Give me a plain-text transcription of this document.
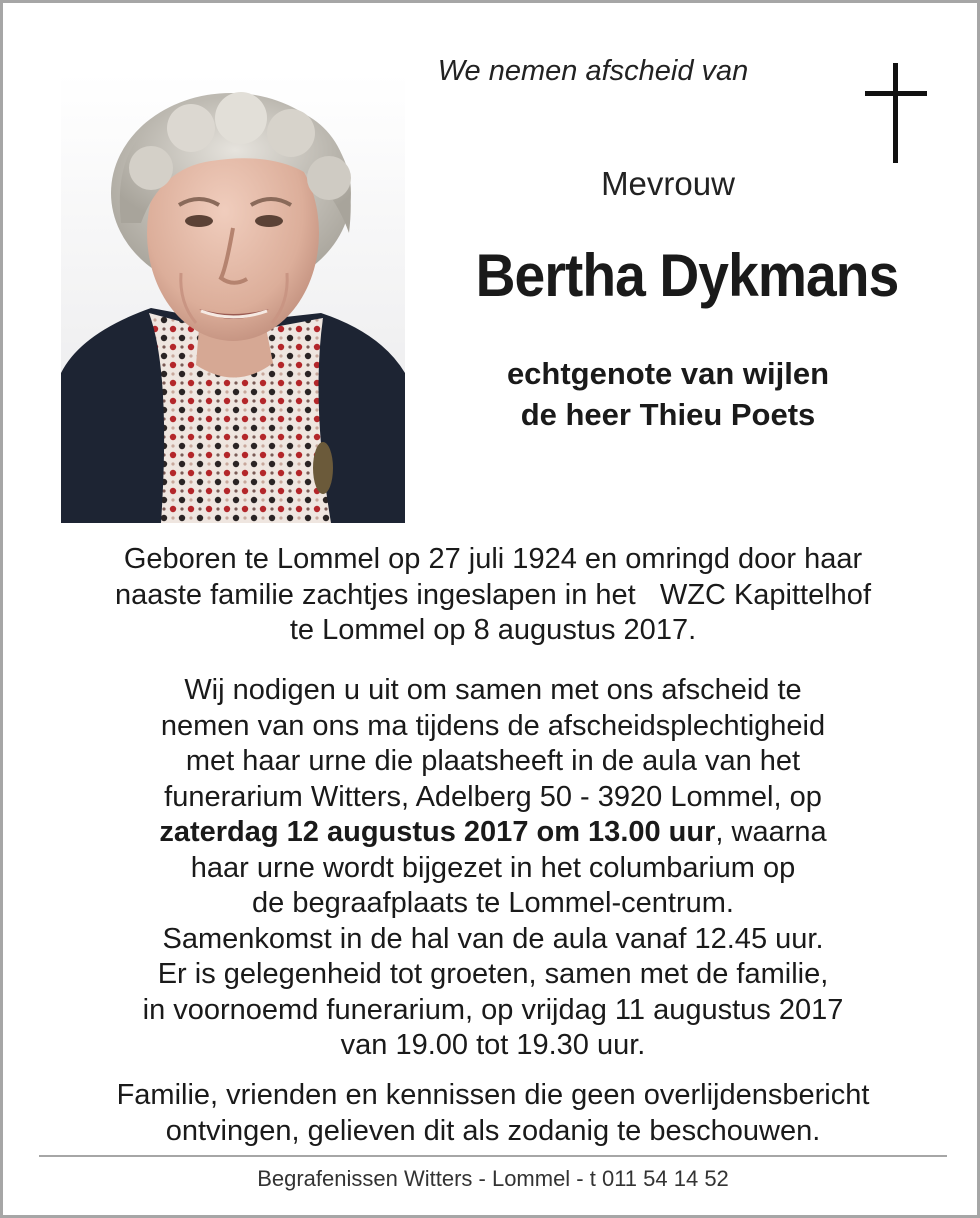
We nemen afscheid van
Mevrouw
Bertha Dykmans
echtgenote van wijlen
de heer Thieu Poets
Geboren te Lommel op 27 juli 1924 en omringd door haar
naaste familie zachtjes ingeslapen in het   WZC Kapittelhof
te Lommel op 8 augustus 2017.
Wij nodigen u uit om samen met ons afscheid te
nemen van ons ma tijdens de afscheidsplechtigheid
met haar urne die plaatsheeft in de aula van het
funerarium Witters, Adelberg 50 - 3920 Lommel, op
zaterdag 12 augustus 2017 om 13.00 uur, waarna
haar urne wordt bijgezet in het columbarium op
de begraafplaats te Lommel-centrum.
Samenkomst in de hal van de aula vanaf 12.45 uur.
Er is gelegenheid tot groeten, samen met de familie,
in voornoemd funerarium, op vrijdag 11 augustus 2017
van 19.00 tot 19.30 uur.
Familie, vrienden en kennissen die geen overlijdensbericht
ontvingen, gelieven dit als zodanig te beschouwen.
Begrafenissen Witters - Lommel - t 011 54 14 52
